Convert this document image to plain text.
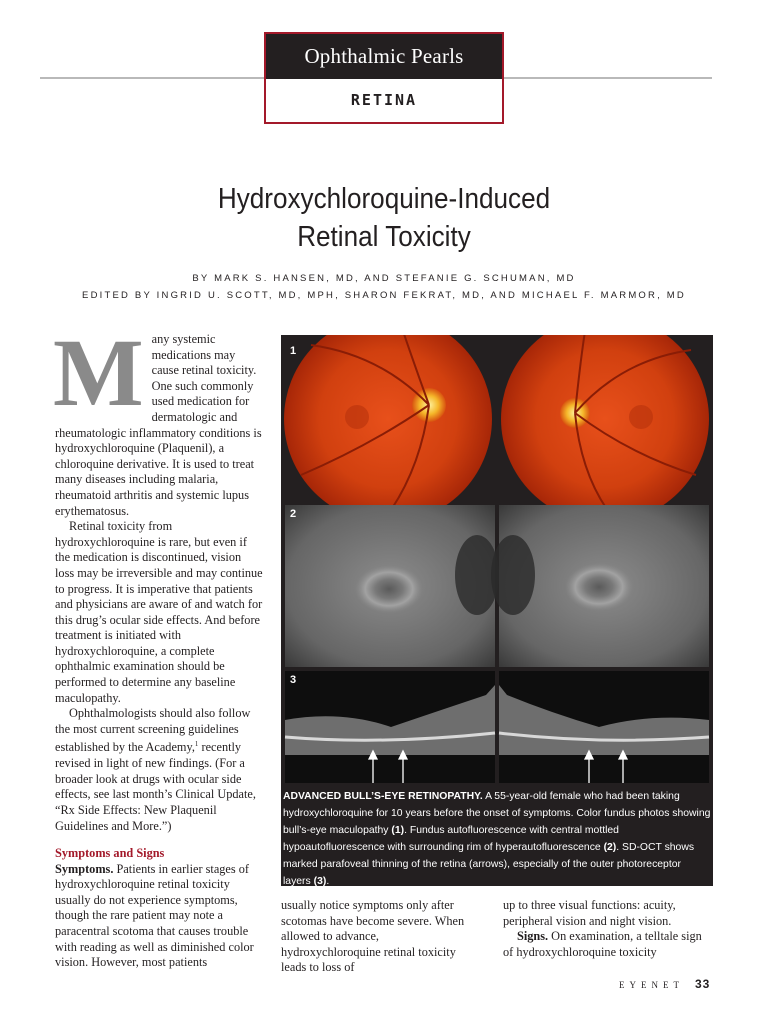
Ophthalmic Pearls
RETINA
Hydroxychloroquine-Induced
Retinal Toxicity
BY MARK S. HANSEN, MD, AND STEFANIE G. SCHUMAN, MD
EDITED BY INGRID U. SCOTT, MD, MPH, SHARON FEKRAT, MD, AND MICHAEL F. MARMOR, MD

Many systemic medications may cause retinal toxicity. One such commonly used medication for dermatologic and rheumatologic inflammatory conditions is hydroxychloroquine (Plaquenil), a chloroquine derivative. It is used to treat many diseases including malaria, rheumatoid arthritis and systemic lupus erythematosus.

Retinal toxicity from hydroxychloroquine is rare, but even if the medication is discontinued, vision loss may be irreversible and may continue to progress. It is imperative that patients and physicians are aware of and watch for this drug’s ocular side effects. And before treatment is initiated with hydroxychloroquine, a complete ophthalmic examination should be performed to determine any baseline maculopathy.

Ophthalmologists should also follow the most current screening guidelines established by the Academy,$^1$ recently revised in light of new findings. (For a broader look at drugs with ocular side effects, see last month’s Clinical Update, “Rx Side Effects: New Plaquenil Guidelines and More.”)

Symptoms and Signs

Symptoms. Patients in earlier stages of hydroxychloroquine retinal toxicity usually do not experience symptoms, though the rare patient may note a paracentral scotoma that causes trouble with reading as well as diminished color vision. However, most patients

1
2
3
ADVANCED BULL’S-EYE RETINOPATHY. A 55-year-old female who had been taking hydroxychloroquine for 10 years before the onset of symptoms. Color fundus photos showing bull’s-eye maculopathy (1). Fundus autofluorescence with central mottled hypoautofluorescence with surrounding rim of hyperautofluorescence (2). SD-OCT shows marked parafoveal thinning of the retina (arrows), especially of the outer photoreceptor layers (3).

usually notice symptoms only after scotomas have become severe. When allowed to advance, hydroxychloroquine retinal toxicity leads to loss of

up to three visual functions: acuity, peripheral vision and night vision.

Signs. On examination, a telltale sign of hydroxychloroquine toxicity

EYENET 33
